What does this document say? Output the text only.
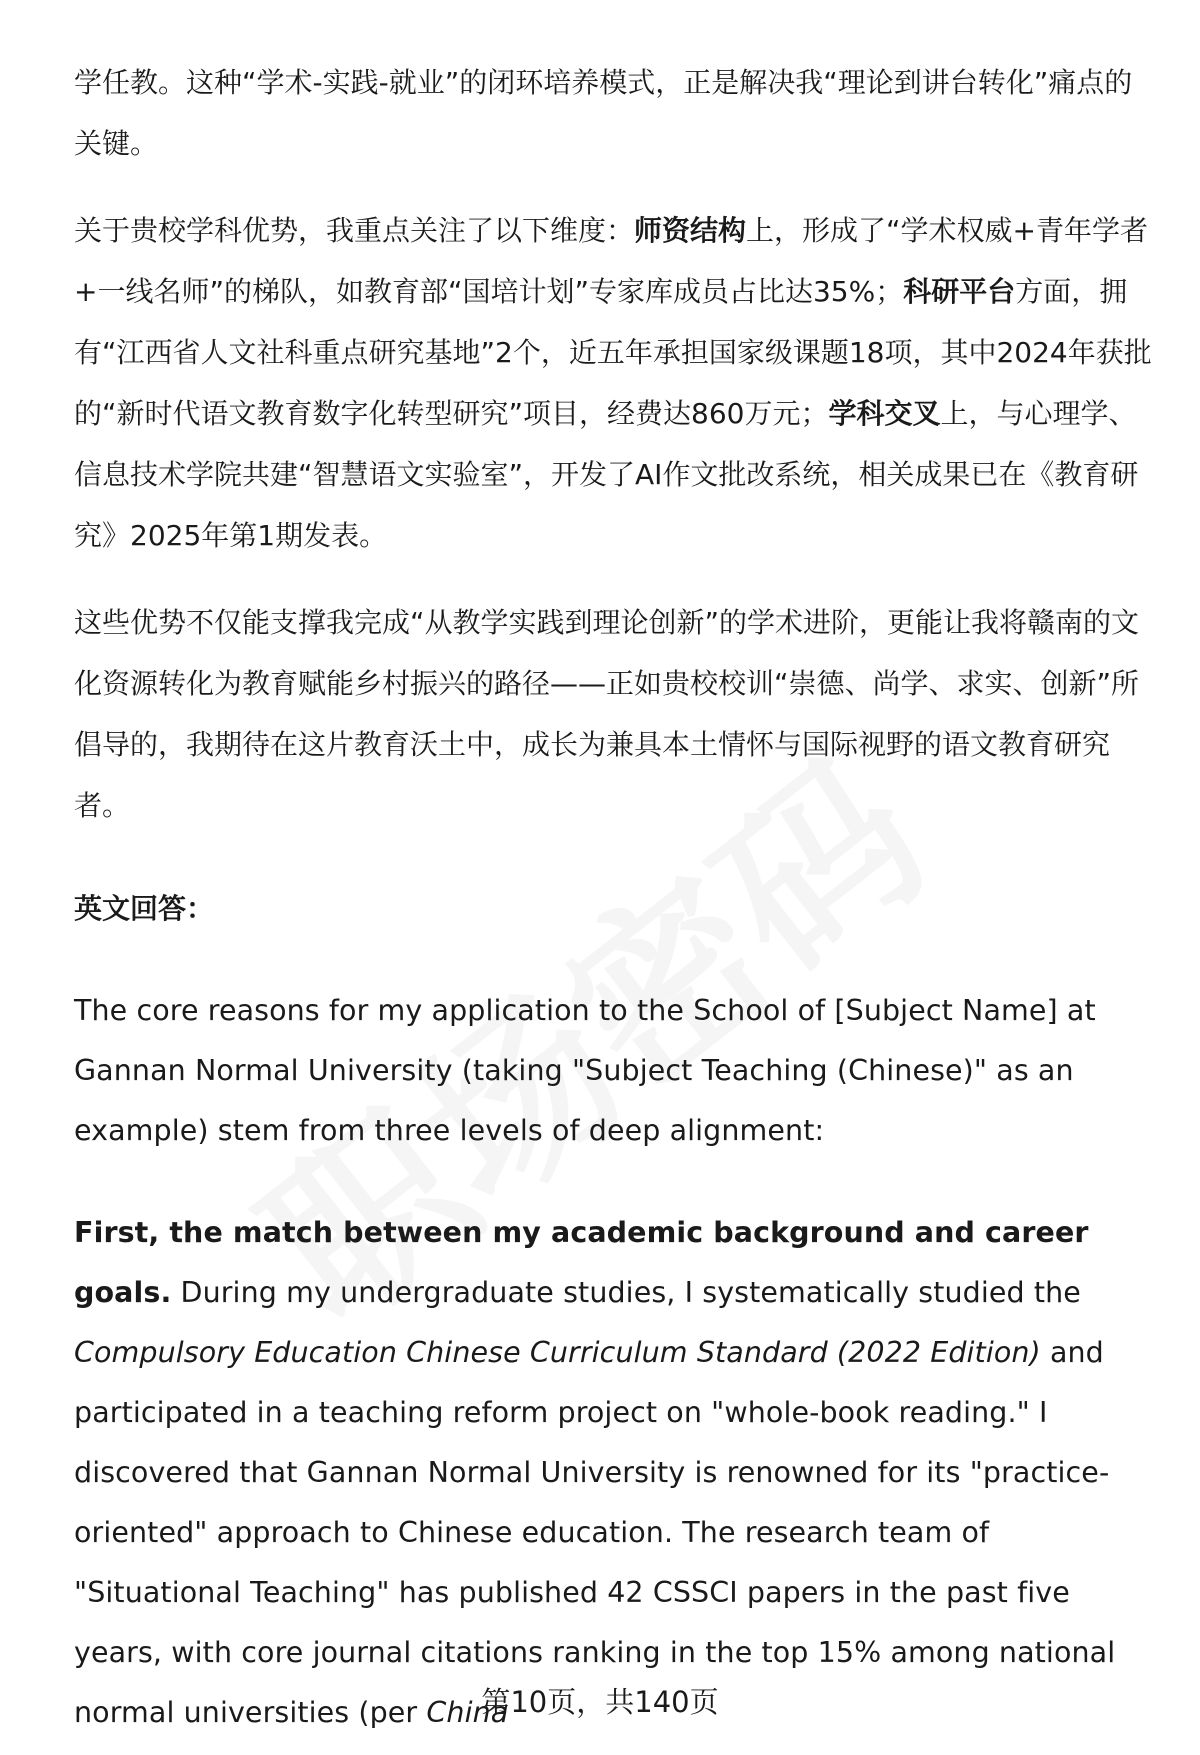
学任教。这种“学术-实践-就业”的闭环培养模式，正是解决我“理论到讲台转化”痛点的关键。

关于贵校学科优势，我重点关注了以下维度：师资结构上，形成了“学术权威+青年学者+一线名师”的梯队，如教育部“国培计划”专家库成员占比达35%；科研平台方面，拥有“江西省人文社科重点研究基地”2个，近五年承担国家级课题18项，其中2024年获批的“新时代语文教育数字化转型研究”项目，经费达860万元；学科交叉上，与心理学、信息技术学院共建“智慧语文实验室”，开发了AI作文批改系统，相关成果已在《教育研究》2025年第1期发表。

这些优势不仅能支撑我完成“从教学实践到理论创新”的学术进阶，更能让我将赣南的文化资源转化为教育赋能乡村振兴的路径——正如贵校校训“崇德、尚学、求实、创新”所倡导的，我期待在这片教育沃土中，成长为兼具本土情怀与国际视野的语文教育研究者。

英文回答：

The core reasons for my application to the School of [Subject Name] at Gannan Normal University (taking "Subject Teaching (Chinese)" as an example) stem from three levels of deep alignment:

First, the match between my academic background and career goals. During my undergraduate studies, I systematically studied the Compulsory Education Chinese Curriculum Standard (2022 Edition) and participated in a teaching reform project on "whole-book reading." I discovered that Gannan Normal University is renowned for its "practice-oriented" approach to Chinese education. The research team of "Situational Teaching" has published 42 CSSCI papers in the past five years, with core journal citations ranking in the top 15% among national normal universities (per China

第10页，共140页
